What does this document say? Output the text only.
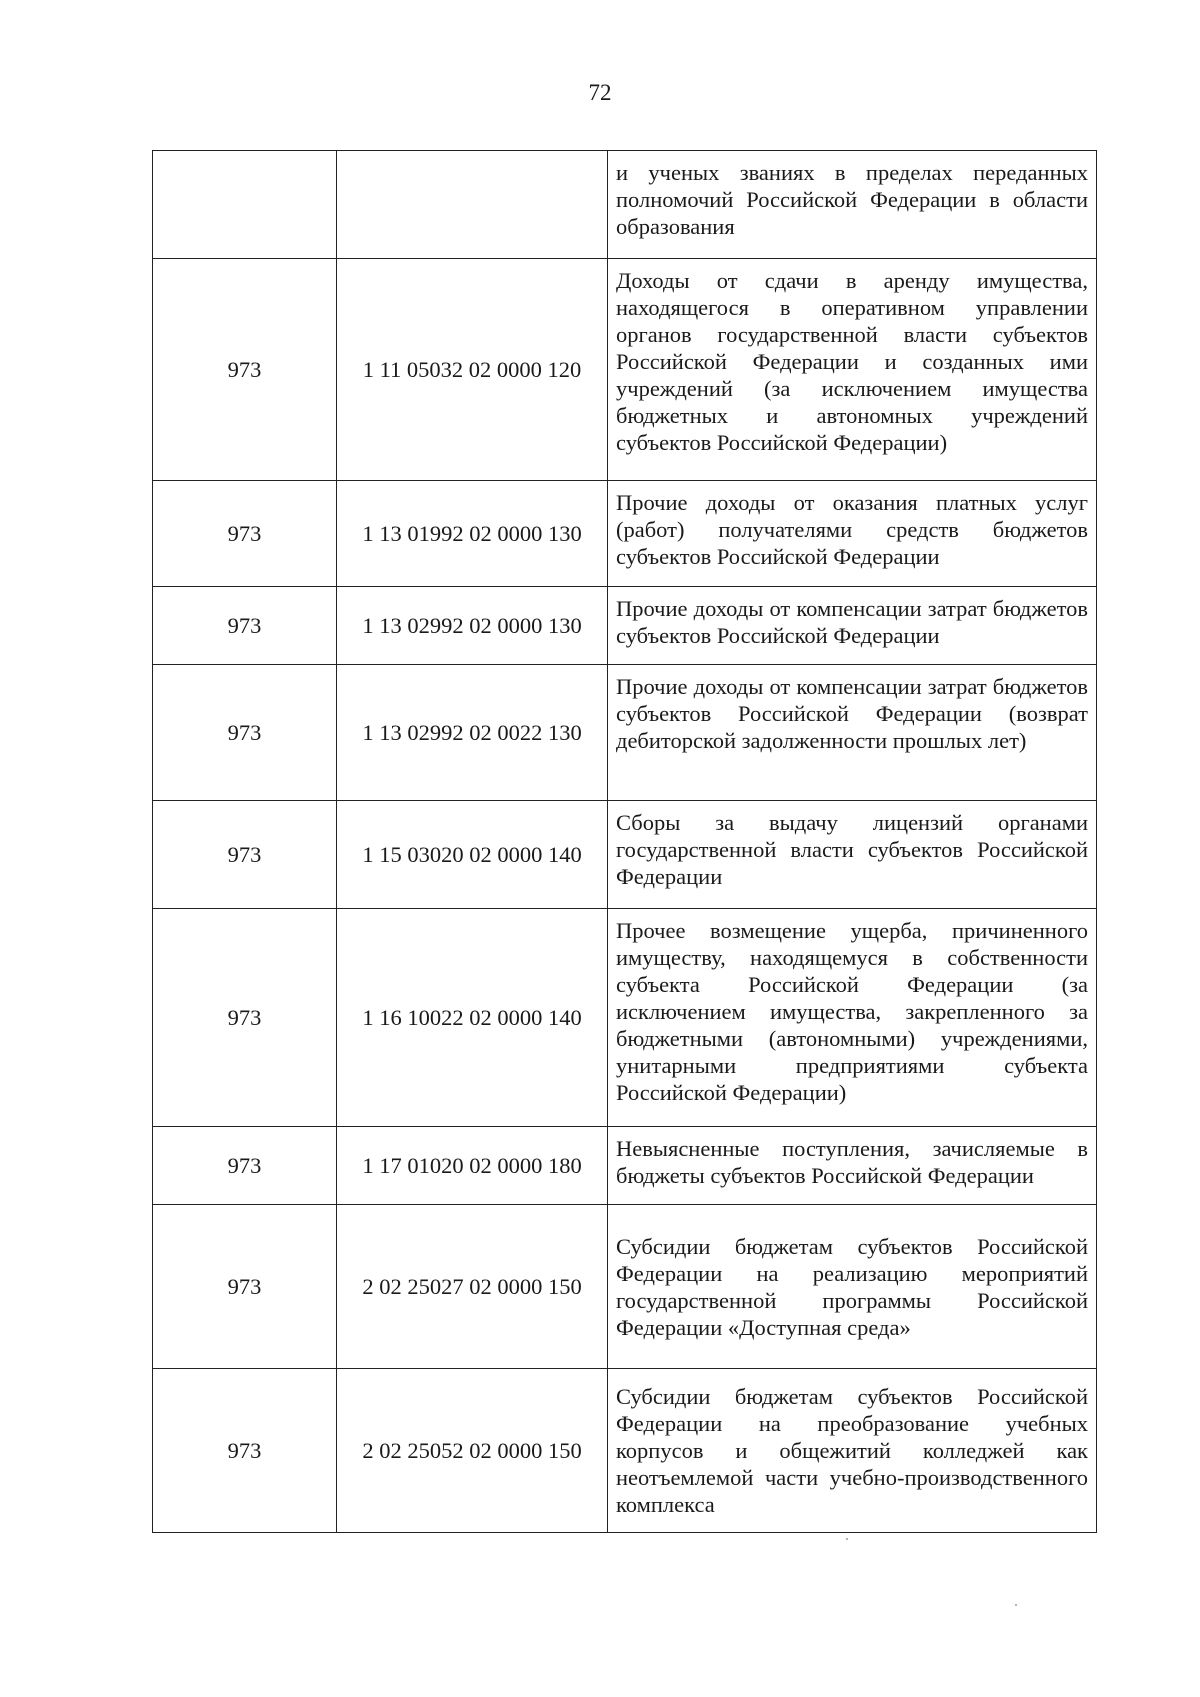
72

		и ученых званиях в пределах переданных полномочий Российской Федерации в области образования

973	1 11 05032 02 0000 120	Доходы от сдачи в аренду имущества, находящегося в оперативном управлении органов государственной власти субъектов Российской Федерации и созданных ими учреждений (за исключением имущества бюджетных и автономных учреждений субъектов Российской Федерации)

973	1 13 01992 02 0000 130	Прочие доходы от оказания платных услуг (работ) получателями средств бюджетов субъектов Российской Федерации

973	1 13 02992 02 0000 130	Прочие доходы от компенсации затрат бюджетов субъектов Российской Федерации

973	1 13 02992 02 0022 130	Прочие доходы от компенсации затрат бюджетов субъектов Российской Федерации (возврат дебиторской задолженности прошлых лет)

973	1 15 03020 02 0000 140	Сборы за выдачу лицензий органами государственной власти субъектов Российской Федерации

973	1 16 10022 02 0000 140	Прочее возмещение ущерба, причиненного имуществу, находящемуся в собственности субъекта Российской Федерации (за исключением имущества, закрепленного за бюджетными (автономными) учреждениями, унитарными предприятиями субъекта Российской Федерации)

973	1 17 01020 02 0000 180	Невыясненные поступления, зачисляемые в бюджеты субъектов Российской Федерации

973	2 02 25027 02 0000 150	Субсидии бюджетам субъектов Российской Федерации на реализацию мероприятий государственной программы Российской Федерации «Доступная среда»

973	2 02 25052 02 0000 150	Субсидии бюджетам субъектов Российской Федерации на преобразование учебных корпусов и общежитий колледжей как неотъемлемой части учебно-производственного комплекса
